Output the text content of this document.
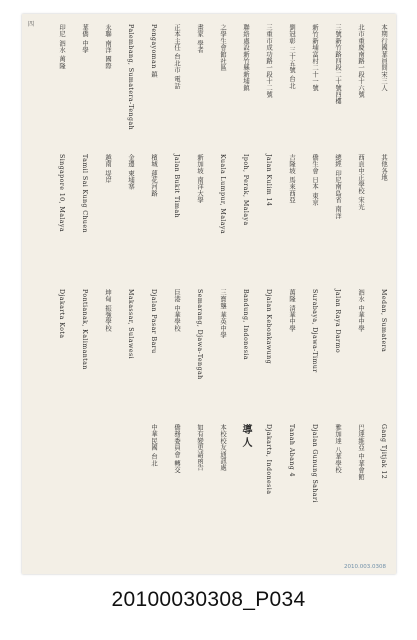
四	本期行國華員問宋三人
北市重慶南路一段十六號
三號新竹路四段二十號四樓
新竹新埔富村二十一號
劉冠彰 三十五號 台北
三重市成功路一段十二號
聯絡處設新竹縣新埔鎮
之學生會館社區
畫家 學者
正本主任 台北市 電話
Pengayoman 鎮
Palembang, Sumatera-Tengah
永聯 南洋 國際
華僑 中學
印尼 泗水 萬隆
其他各地
西貢中正學校 宋光
總經 印尼南島省 南洋
僑生會 日本 東京
吉隆坡 馬來西亞
Jalan Kulim 14
Ipoh, Perak, Malaya
Kuala Lumpur, Malaya
新加坡 南洋大學
Jalan Bukit Timah
檳城 蓮花河路
金邊 柬埔寨
越南 堤岸
Tamil Sai Kung Chuen
Singapore 10, Malaya
Medan, Sumatera
泗水 中華中學
Jalan Raya Darmo
Surabaya, Djawa-Timur
萬隆 清華中學
Djalan Kebonkawung
Bandung, Indonesia
三寶壟 華英中學
Semarang, Djawa-Tengah
巨港 中華學校
Djalan Pasar Baru
Makassar, Sulawesi
坤甸 振強學校
Pontianak, Kalimantan
Djakarta Kota
Gang Tjitjak 12
巴達維亞 中華會館
雅加達 八華學校
Djalan Gunung Sahari
Tanah Abang 4
Djakarta, Indonesia
導人
本校校友通訊處
如有變更請函告
僑務委員會 轉交
中華民國 台北
2010.003.0308
20100030308_P034
